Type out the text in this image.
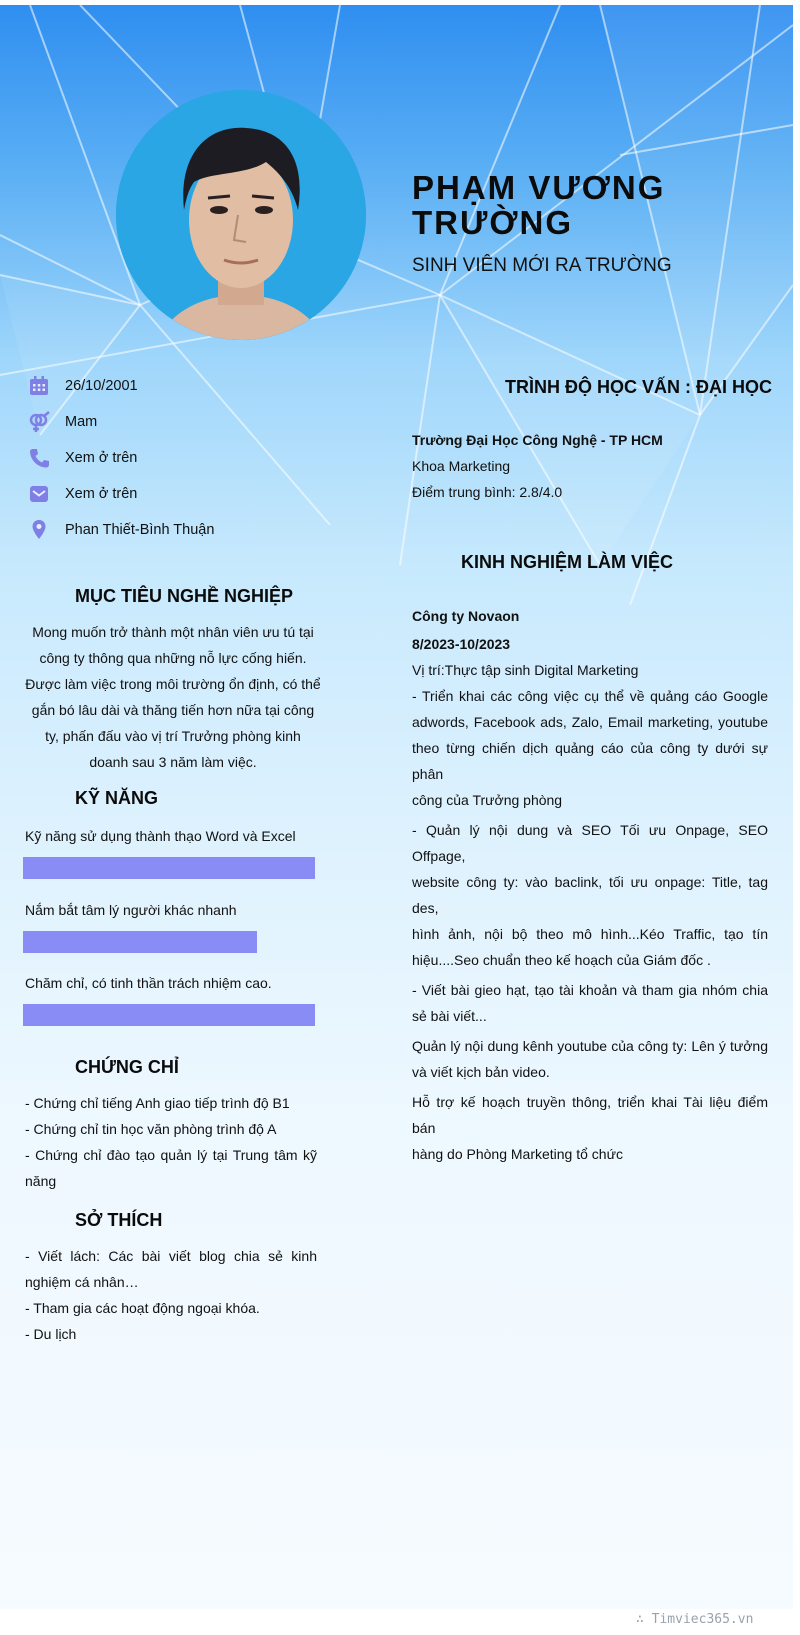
PHẠM VƯƠNG
TRƯỜNG
SINH VIÊN MỚI RA TRƯỜNG
26/10/2001
Mam
Xem ở trên
Xem ở trên
Phan Thiết-Bình Thuận
MỤC TIÊU NGHỀ NGHIỆP
Mong muốn trở thành một nhân viên ưu tú tại
công ty thông qua những nỗ lực cống hiến.
Được làm việc trong môi trường ổn định, có thể
gắn bó lâu dài và thăng tiến hơn nữa tại công
ty, phấn đấu vào vị trí Trưởng phòng kinh
doanh sau 3 năm làm việc.
KỸ NĂNG
Kỹ năng sử dụng thành thạo Word và Excel
Nắm bắt tâm lý người khác nhanh
Chăm chỉ, có tinh thần trách nhiệm cao.
CHỨNG CHỈ
- Chứng chỉ tiếng Anh giao tiếp trình độ B1
- Chứng chỉ tin học văn phòng trình độ A
- Chứng chỉ đào tạo quản lý tại Trung tâm kỹ
năng
SỞ THÍCH
- Viết lách: Các bài viết blog chia sẻ kinh
nghiệm cá nhân…
- Tham gia các hoạt động ngoại khóa.
- Du lịch
TRÌNH ĐỘ HỌC VẤN : ĐẠI HỌC
Trường Đại Học Công Nghệ - TP HCM
Khoa Marketing
Điểm trung bình: 2.8/4.0
KINH NGHIỆM LÀM VIỆC
Công ty Novaon
8/2023-10/2023
Vị trí:Thực tập sinh Digital Marketing
- Triển khai các công việc cụ thể về quảng cáo Google
adwords, Facebook ads, Zalo, Email marketing, youtube
theo từng chiến dịch quảng cáo của công ty dưới sự phân
công của Trưởng phòng
- Quản lý nội dung và SEO Tối ưu Onpage, SEO Offpage,
website công ty: vào baclink, tối ưu onpage: Title, tag des,
hình ảnh, nội bộ theo mô hình...Kéo Traffic, tạo tín
hiệu....Seo chuẩn theo kế hoạch của Giám đốc .
- Viết bài gieo hạt, tạo tài khoản và tham gia nhóm chia
sẻ bài viết...
Quản lý nội dung kênh youtube của công ty: Lên ý tưởng
và viết kịch bản video.
Hỗ trợ kế hoạch truyền thông, triển khai Tài liệu điểm bán
hàng do Phòng Marketing tổ chức
∴ Timviec365.vn
